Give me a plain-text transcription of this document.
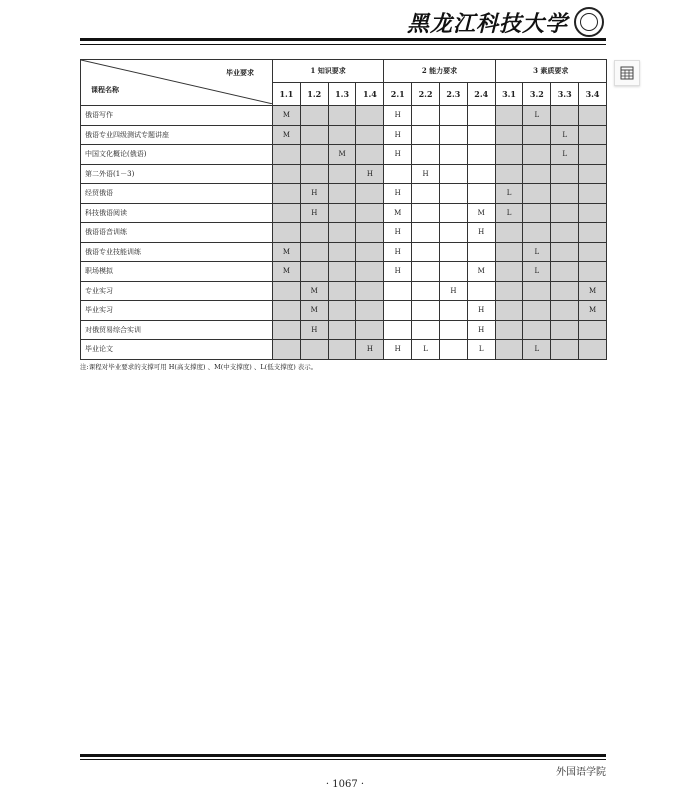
黑龙江科技大学
毕业要求
课程名称	1 知识要求				2 能力要求				3 素质要求			
	1.1	1.2	1.3	1.4	2.1	2.2	2.3	2.4	3.1	3.2	3.3	3.4
俄语写作	M				H					L		
俄语专业四级测试专题讲座	M				H						L	
中国文化概论(俄语)			M		H						L	
第二外语(1－3)				H		H						
经贸俄语		H			H				L			
科技俄语阅读		H			M			M	L			
俄语语音训练					H			H				
俄语专业技能训练	M				H					L		
职场模拟	M				H			M		L		
专业实习		M					H					M
毕业实习		M						H				M
对俄贸易综合实训		H						H				
毕业论文				H	H	L		L		L		
注:课程对毕业要求的支撑可用 H(高支撑度) 、M(中支撑度) 、L(低支撑度) 表示。
外国语学院
· 1067 ·
